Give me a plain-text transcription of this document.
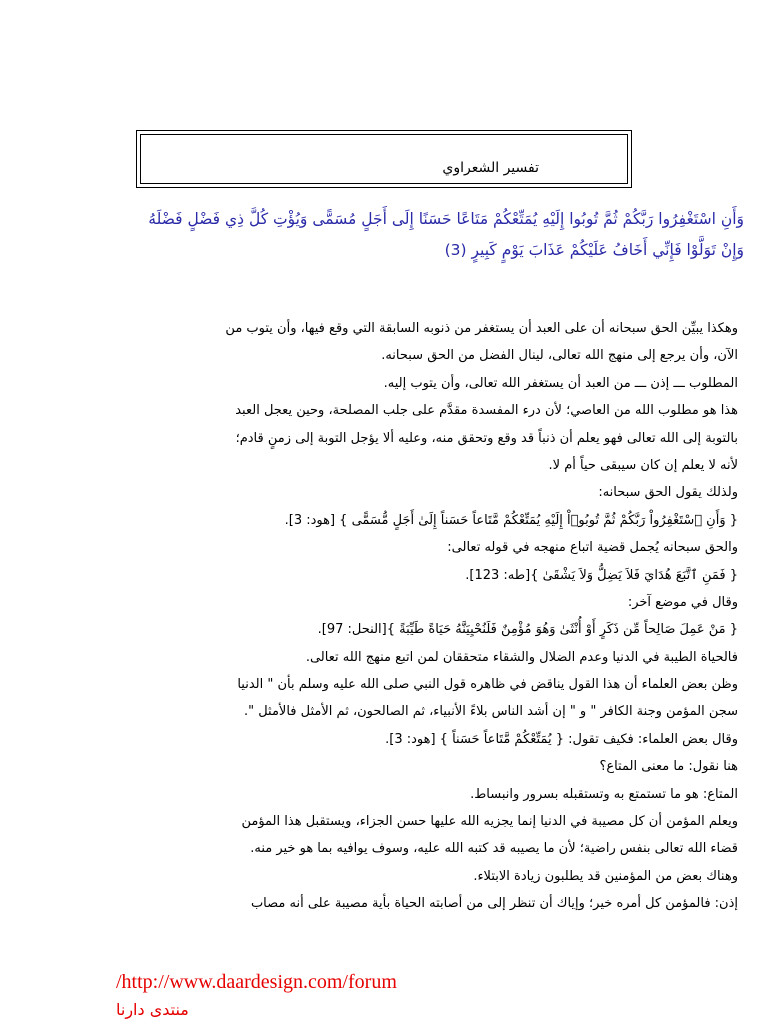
تفسير الشعراوي
وَأَنِ اسْتَغْفِرُوا رَبَّكُمْ ثُمَّ تُوبُوا إِلَيْهِ يُمَتِّعْكُمْ مَتَاعًا حَسَنًا إِلَى أَجَلٍ مُسَمًّى وَيُؤْتِ كُلَّ ذِي فَضْلٍ فَضْلَهُ
وَإِنْ تَوَلَّوْا فَإِنِّي أَخَافُ عَلَيْكُمْ عَذَابَ يَوْمٍ كَبِيرٍ (3)
وهكذا يبيِّن الحق سبحانه أن على العبد أن يستغفر من ذنوبه السابقة التي وقع فيها، وأن يتوب من
الآن، وأن يرجع إلى منهج الله تعالى، لينال الفضل من الحق سبحانه.
المطلوب ـــ إذن ـــ من العبد أن يستغفر الله تعالى، وأن يتوب إليه.
هذا هو مطلوب الله من العاصي؛ لأن درء المفسدة مقدَّم على جلب المصلحة، وحين يعجل العبد
بالتوبة إلى الله تعالى فهو يعلم أن ذنباً قد وقع وتحقق منه، وعليه ألا يؤجل التوبة إلى زمنٍ قادم؛
لأنه لا يعلم إن كان سيبقى حياً أم لا.
ولذلك يقول الحق سبحانه:
{ وَأَنِ ٱسْتَغْفِرُواْ رَبَّكُمْ ثُمَّ تُوبُوۤاْ إِلَيْهِ يُمَتِّعْكُمْ مَّتَاعاً حَسَناً إِلَىٰ أَجَلٍ مُّسَمًّى } [هود: 3].
والحق سبحانه يُجمل قضية اتباع منهجه في قوله تعالى:
{ فَمَنِ ٱتَّبَعَ هُدَايَ فَلاَ يَضِلُّ وَلاَ يَشْقَىٰ }[طه: 123].
وقال في موضع آخر:
{ مَنْ عَمِلَ صَالِحاً مِّن ذَكَرٍ أَوْ أُنْثَىٰ وَهُوَ مُؤْمِنٌ فَلَنُحْيِيَنَّهُ حَيَاةً طَيِّبَةً }[النحل: 97].
فالحياة الطيبة في الدنيا وعدم الضلال والشقاء متحققان لمن اتبع منهج الله تعالى.
وظن بعض العلماء أن هذا القول يناقض في ظاهره قول النبي صلى الله عليه وسلم بأن " الدنيا
سجن المؤمن وجنة الكافر " و " إن أشد الناس بلاءً الأنبياء، ثم الصالحون، ثم الأمثل فالأمثل ".
وقال بعض العلماء: فكيف تقول: { يُمَتِّعْكُمْ مَّتَاعاً حَسَناً } [هود: 3].
هنا نقول: ما معنى المتاع؟
المتاع: هو ما تستمتع به وتستقبله بسرور وانبساط.
ويعلم المؤمن أن كل مصيبة في الدنيا إنما يجزيه الله عليها حسن الجزاء، ويستقبل هذا المؤمن
قضاء الله تعالى بنفس راضية؛ لأن ما يصيبه قد كتبه الله عليه، وسوف يوافيه بما هو خير منه.
وهناك بعض من المؤمنين قد يطلبون زيادة الابتلاء.
إذن: فالمؤمن كل أمره خير؛ وإياك أن تنظر إلى من أصابته الحياة بأية مصيبة على أنه مصاب
/http://www.daardesign.com/forum
منتدى دارنا
